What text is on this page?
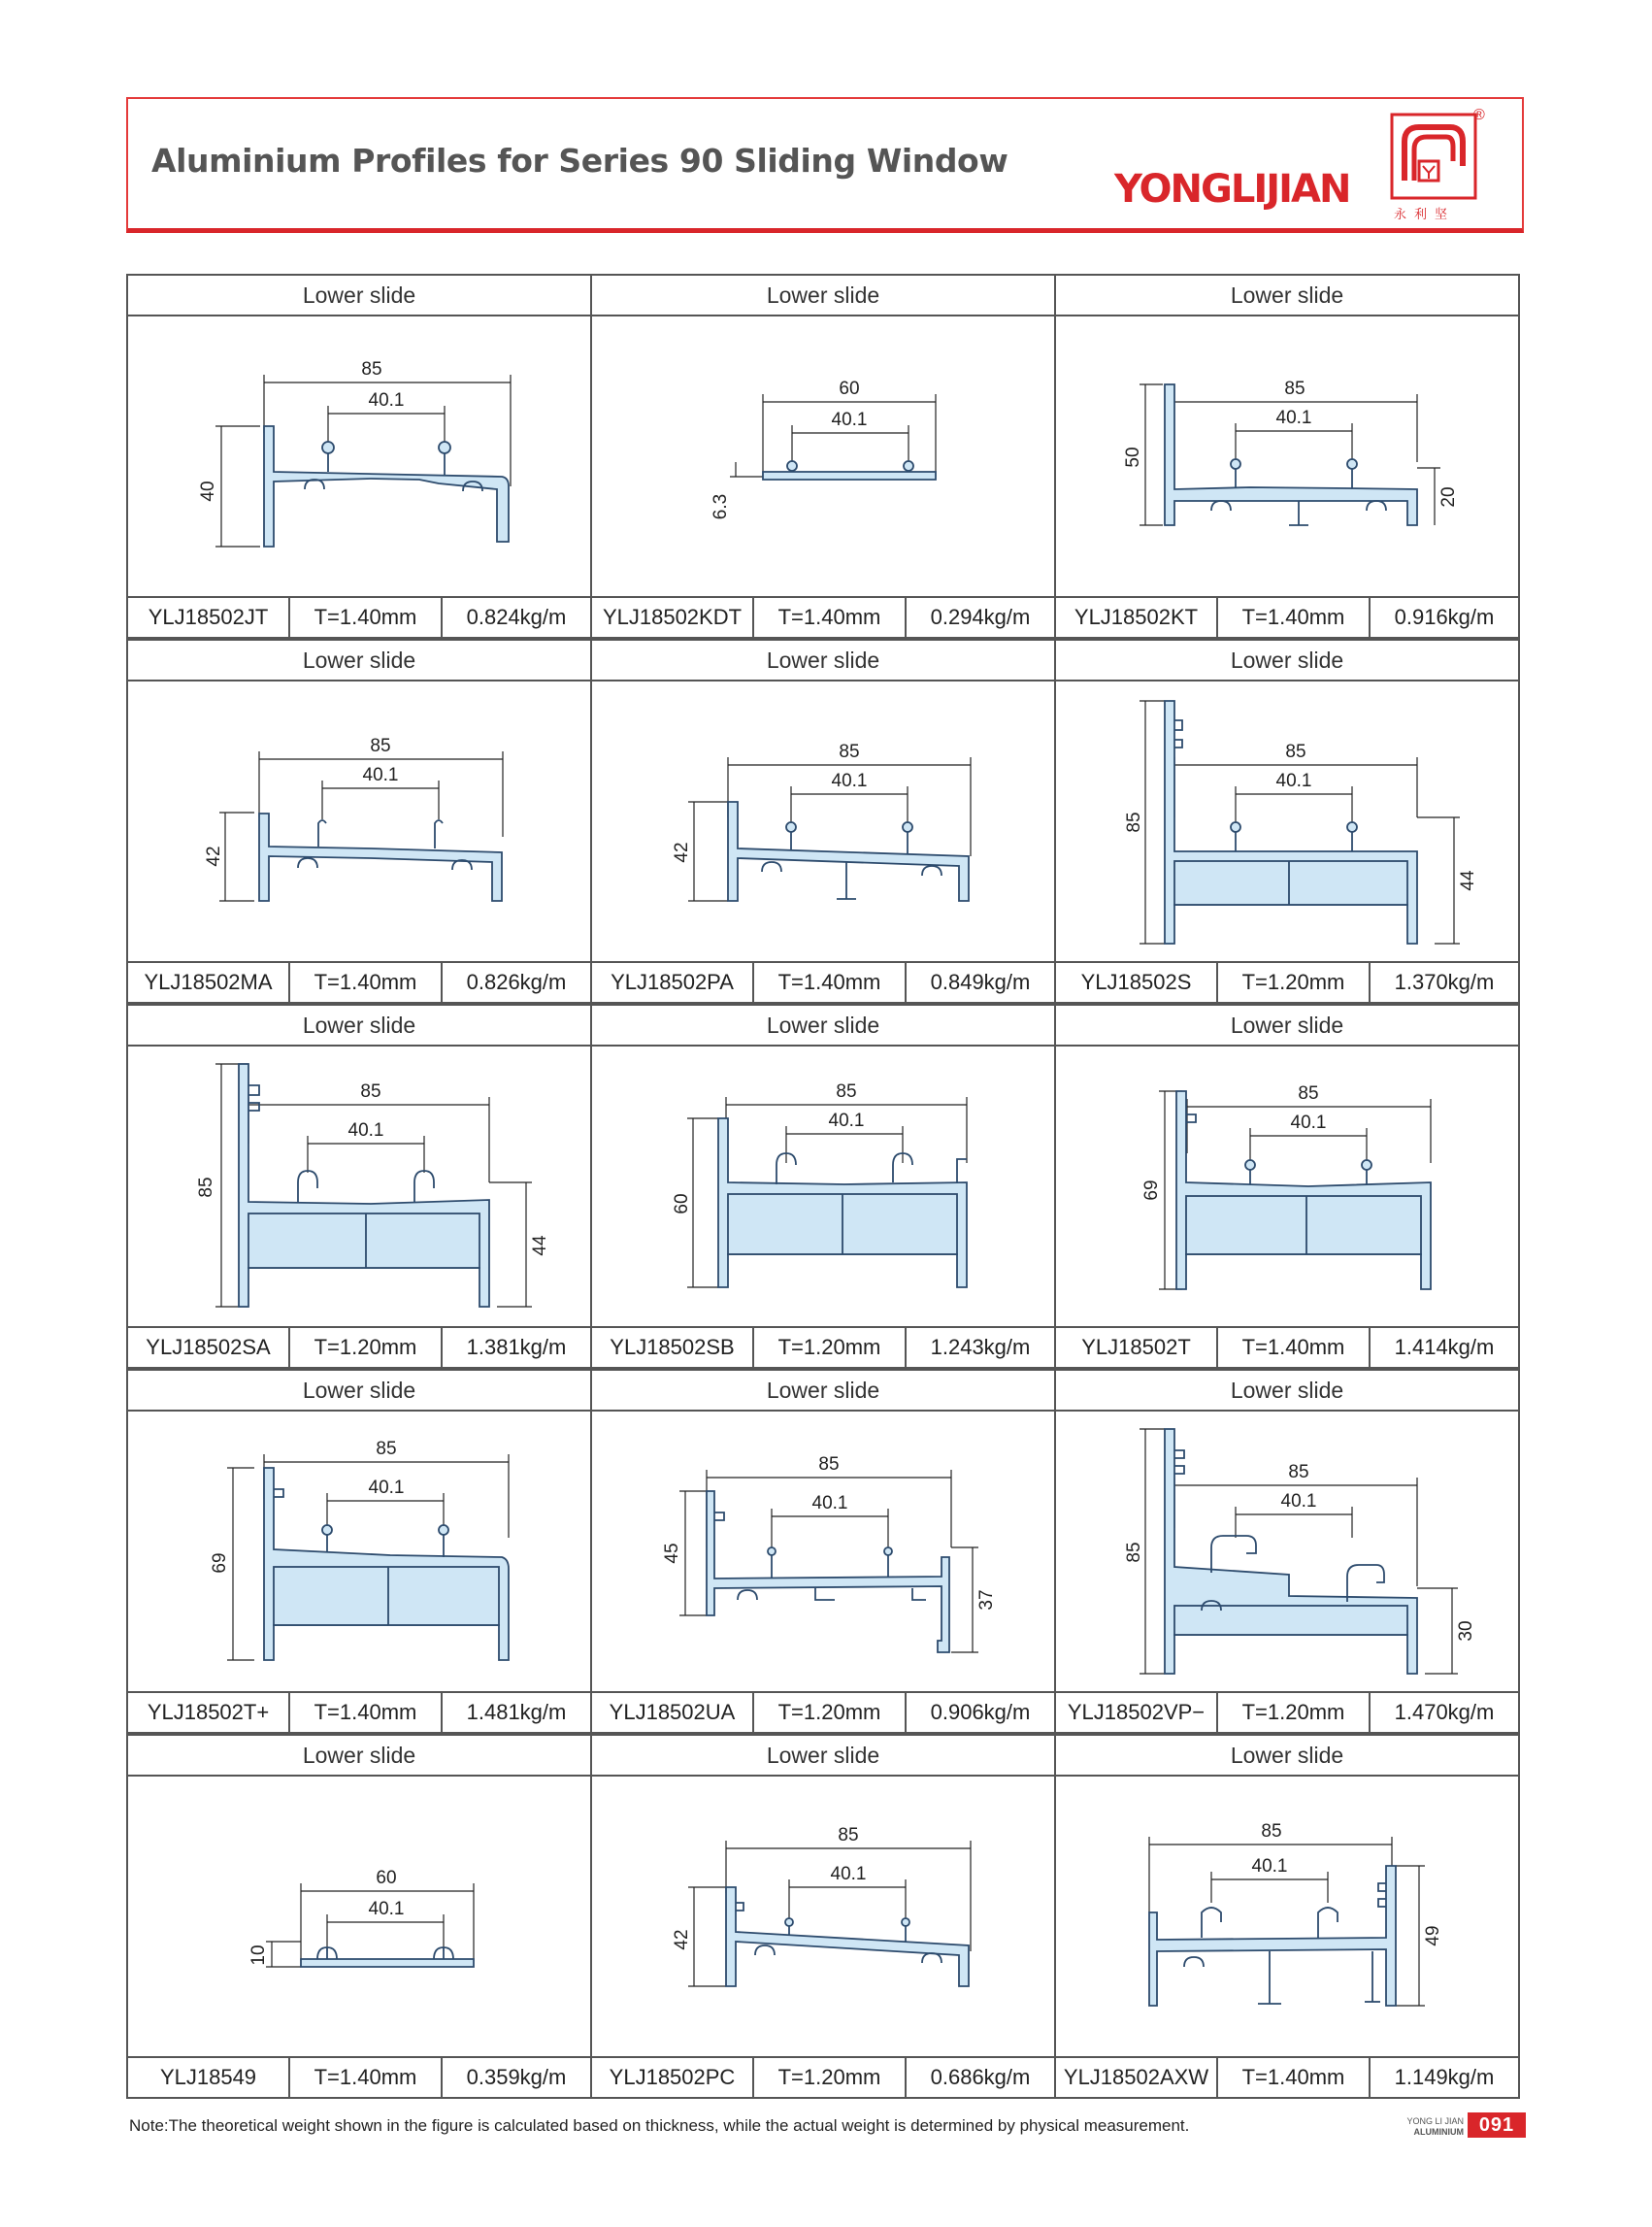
Aluminium Profiles for Series 90 Sliding Window
YONGLIJIAN
®
永利坚
Lower slide
85
40.1
40
YLJ18502JT	T=1.40mm	0.824kg/m
Lower slide
60
40.1
6.3
YLJ18502KDT	T=1.40mm	0.294kg/m
Lower slide
85
40.1
50
20
YLJ18502KT	T=1.40mm	0.916kg/m
Lower slide
85
40.1
42
YLJ18502MA	T=1.40mm	0.826kg/m
Lower slide
85
40.1
42
YLJ18502PA	T=1.40mm	0.849kg/m
Lower slide
85
40.1
85
44
YLJ18502S	T=1.20mm	1.370kg/m
Lower slide
85
40.1
85
44
YLJ18502SA	T=1.20mm	1.381kg/m
Lower slide
85
40.1
60
YLJ18502SB	T=1.20mm	1.243kg/m
Lower slide
85
40.1
69
YLJ18502T	T=1.40mm	1.414kg/m
Lower slide
85
40.1
69
YLJ18502T+	T=1.40mm	1.481kg/m
Lower slide
85
40.1
45
37
YLJ18502UA	T=1.20mm	0.906kg/m
Lower slide
85
40.1
85
30
YLJ18502VP−	T=1.20mm	1.470kg/m
Lower slide
60
40.1
10
YLJ18549	T=1.40mm	0.359kg/m
Lower slide
85
40.1
42
YLJ18502PC	T=1.20mm	0.686kg/m
Lower slide
85
40.1
49
YLJ18502AXW	T=1.40mm	1.149kg/m
Note:The theoretical weight shown in the figure is calculated based on thickness, while the actual weight is determined by physical measurement.	YONG LI JIAN
ALUMINIUM 091
